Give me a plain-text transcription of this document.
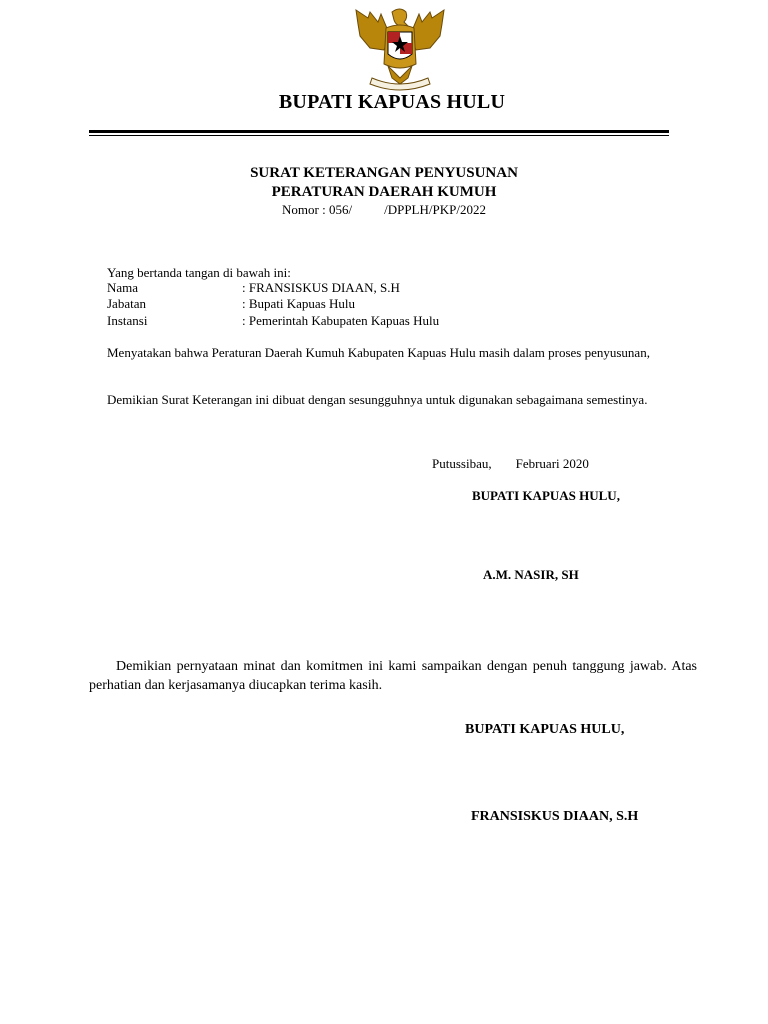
BUPATI KAPUAS HULU
SURAT KETERANGAN PENYUSUNAN
PERATURAN DAERAH KUMUH
Nomor : 056/ /DPPLH/PKP/2022
Yang bertanda tangan di bawah ini:
Nama	: FRANSISKUS DIAAN, S.H
Jabatan	: Bupati Kapuas Hulu
Instansi	: Pemerintah Kabupaten Kapuas Hulu
Menyatakan bahwa Peraturan Daerah Kumuh Kabupaten Kapuas Hulu masih dalam proses penyusunan,
Demikian Surat Keterangan ini dibuat dengan sesungguhnya untuk digunakan sebagaimana semestinya.
Putussibau, Februari 2020
BUPATI KAPUAS HULU,
A.M. NASIR, SH
Demikian pernyataan minat dan komitmen ini kami sampaikan dengan penuh tanggung jawab. Atas perhatian dan kerjasamanya diucapkan terima kasih.
BUPATI KAPUAS HULU,
FRANSISKUS DIAAN, S.H
